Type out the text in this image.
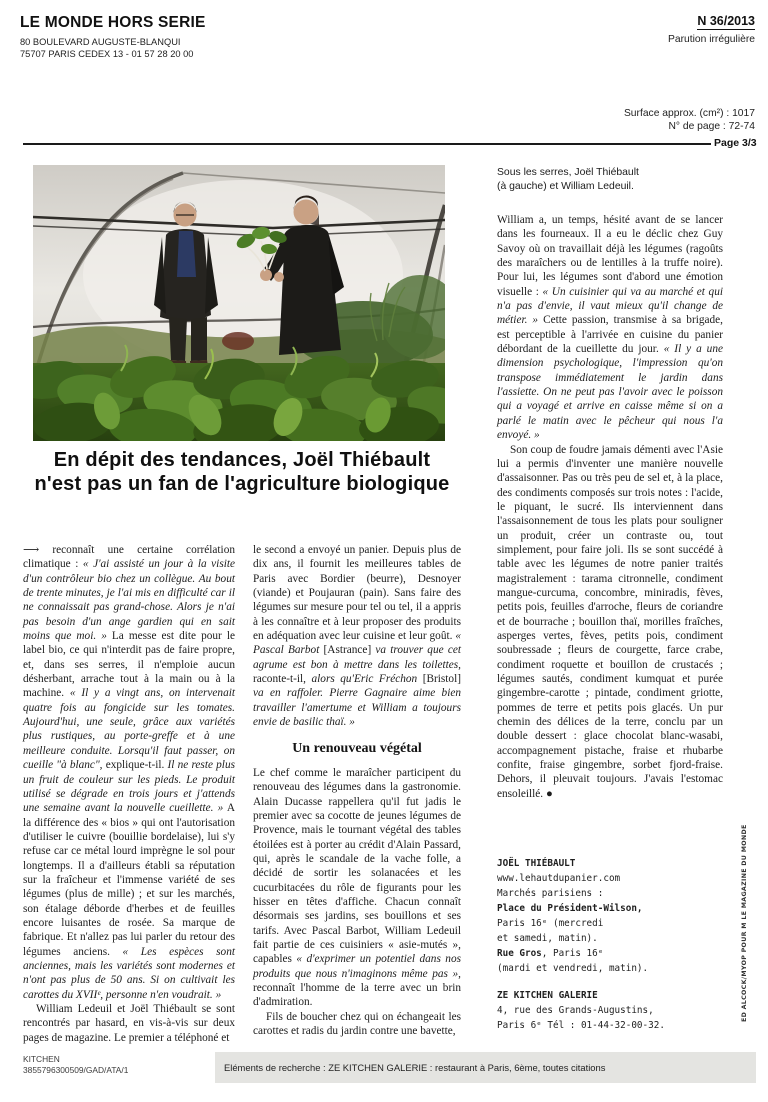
LE MONDE HORS SERIE
80 BOULEVARD AUGUSTE-BLANQUI
75707 PARIS CEDEX 13 - 01 57 28 20 00
N 36/2013
Parution irrégulière
Surface approx. (cm²) : 1017
N° de page : 72-74
Page 3/3
Sous les serres, Joël Thiébault
(à gauche) et William Ledeuil.
En dépit des tendances, Joël Thiébault
n'est pas un fan de l'agriculture biologique

⟶ reconnaît une certaine corrélation climatique : « J'ai assisté un jour à la visite d'un contrôleur bio chez un collègue. Au bout de trente minutes, je l'ai mis en difficulté car il ne connaissait pas grand-chose. Alors je n'ai pas besoin d'un ange gardien qui en sait moins que moi. » La messe est dite pour le label bio, ce qui n'interdit pas de faire propre, et, dans ses serres, il n'emploie aucun désherbant, arrache tout à la main ou à la machine. « Il y a vingt ans, on intervenait quatre fois au fongicide sur les tomates. Aujourd'hui, une seule, grâce aux variétés plus rustiques, au porte-greffe et à une meilleure conduite. Lorsqu'il faut passer, on cueille "à blanc", explique-t-il. Il ne reste plus un fruit de couleur sur les pieds. Le produit utilisé se dégrade en trois jours et j'attends une semaine avant la nouvelle cueillette. » A la différence des « bios » qui ont l'autorisation d'utiliser le cuivre (bouillie bordelaise), lui s'y refuse car ce métal lourd imprègne le sol pour longtemps. Il a d'ailleurs établi sa réputation sur la fraîcheur et l'immense variété de ses légumes (plus de mille) ; et sur les marchés, son étalage déborde d'herbes et de feuilles encore luisantes de rosée. Sa marque de fabrique. Et n'allez pas lui parler du retour des légumes anciens. « Les espèces sont anciennes, mais les variétés sont modernes et n'ont pas plus de 50 ans. Si on cultivait les carottes du XVIIᵉ, personne n'en voudrait. »

William Ledeuil et Joël Thiébault se sont rencontrés par hasard, en vis-à-vis sur deux pages de magazine. Le premier a téléphoné et

le second a envoyé un panier. Depuis plus de dix ans, il fournit les meilleures tables de Paris avec Bordier (beurre), Desnoyer (viande) et Poujauran (pain). Sans faire des légumes sur mesure pour tel ou tel, il a appris à les connaître et à leur proposer des produits en adéquation avec leur cuisine et leur goût. « Pascal Barbot [Astrance] va trouver que cet agrume est bon à mettre dans les toilettes, raconte-t-il, alors qu'Eric Fréchon [Bristol] va en raffoler. Pierre Gagnaire aime bien travailler l'amertume et William a toujours envie de basilic thaï. »

Un renouveau végétal

Le chef comme le maraîcher participent du renouveau des légumes dans la gastronomie. Alain Ducasse rappellera qu'il fut jadis le premier avec sa cocotte de jeunes légumes de Provence, mais le tournant végétal des tables étoilées est à porter au crédit d'Alain Passard, qui, après le scandale de la vache folle, a décidé de sortir les solanacées et les cucurbitacées du rôle de figurants pour les hisser en têtes d'affiche. Chacun connaît désormais ses jardins, ses bouillons et ses tarifs. Avec Pascal Barbot, William Ledeuil fait partie de ces cuisiniers « asie-mutés », capables « d'exprimer un potentiel dans nos produits que nous n'imaginons même pas », reconnaît l'homme de la terre avec un brin d'admiration.

Fils de boucher chez qui on échangeait les carottes et radis du jardin contre une bavette,

William a, un temps, hésité avant de se lancer dans les fourneaux. Il a eu le déclic chez Guy Savoy où on travaillait déjà les légumes (ragoûts des maraîchers ou de lentilles à la truffe noire). Pour lui, les légumes sont d'abord une émotion visuelle : « Un cuisinier qui va au marché et qui n'a pas d'envie, il vaut mieux qu'il change de métier. » Cette passion, transmise à sa brigade, est perceptible à l'arrivée en cuisine du panier débordant de la cueillette du jour. « Il y a une dimension psychologique, l'impression qu'on transpose immédiatement le jardin dans l'assiette. On ne peut pas l'avoir avec le poisson qui a voyagé et arrive en caisse même si on a parlé le matin avec le pêcheur qui nous l'a envoyé. »

Son coup de foudre jamais démenti avec l'Asie lui a permis d'inventer une manière nouvelle d'assaisonner. Pas ou très peu de sel et, à la place, des condiments composés sur trois notes : l'acide, le piquant, le sucré. Ils interviennent dans l'assaisonnement de tous les plats pour souligner un produit, créer un contraste ou, tout simplement, pour faire joli. Ils se sont succédé à table avec les légumes de notre panier traités magistralement : tarama citronnelle, condiment mangue-curcuma, concombre, miniradis, fèves, petits pois, feuilles d'arroche, fleurs de coriandre et de bourrache ; bouillon thaï, morilles fraîches, asperges vertes, fèves, petits pois, condiment soubressade ; fleurs de courgette, farce crabe, condiment roquette et bouillon de crustacés ; légumes sautés, condiment kumquat et purée gingembre-carotte ; pintade, condiment griotte, pommes de terre et petits pois glacés. Un pur chemin des délices de la terre, conclu par un double dessert : glace chocolat blanc-wasabi, accompagnement pistache, fraise et rhubarbe confite, fraise gingembre, sorbet fjord-fraise. Dehors, il pleuvait toujours. J'avais l'estomac ensoleillé. ●

JOËL THIÉBAULT
www.lehautdupanier.com
Marchés parisiens :
Place du Président-Wilson,
Paris 16ᵉ (mercredi
et samedi, matin).
Rue Gros, Paris 16ᵉ
(mardi et vendredi, matin).
ZE KITCHEN GALERIE
4, rue des Grands-Augustins,
Paris 6ᵉ Tél : 01-44-32-00-32.
ED ALCOCK/MYOP POUR M LE MAGAZINE DU MONDE
KITCHEN
3855796300509/GAD/ATA/1	Eléments de recherche : ZE KITCHEN GALERIE : restaurant à Paris, 6ème, toutes citations
